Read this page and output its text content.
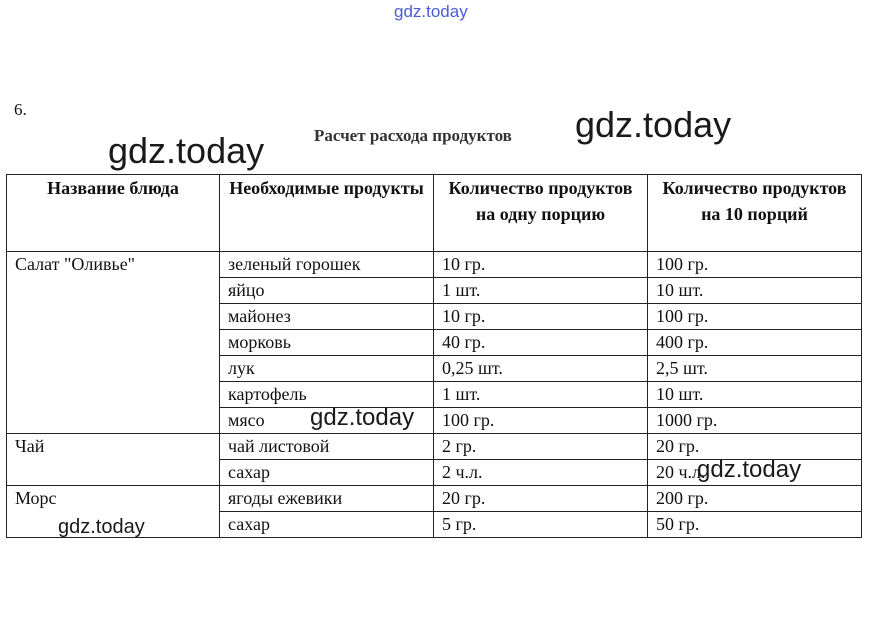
gdz.today
6.
Расчет расхода продуктов
Название блюда	Необходимые продукты	Количество продуктов на одну порцию	Количество продуктов на 10 порций
Салат "Оливье"	зеленый горошек	10 гр.	100 гр.
	яйцо	1 шт.	10 шт.
	майонез	10 гр.	100 гр.
	морковь	40 гр.	400 гр.
	лук	0,25 шт.	2,5 шт.
	картофель	1 шт.	10 шт.
	мясо	100 гр.	1000 гр.
Чай	чай листовой	2 гр.	20 гр.
	сахар	2 ч.л.	20 ч.л.
Морс	ягоды ежевики	20 гр.	200 гр.
	сахар	5 гр.	50 гр.
gdz.today
gdz.today
gdz.today
gdz.today
gdz.today
